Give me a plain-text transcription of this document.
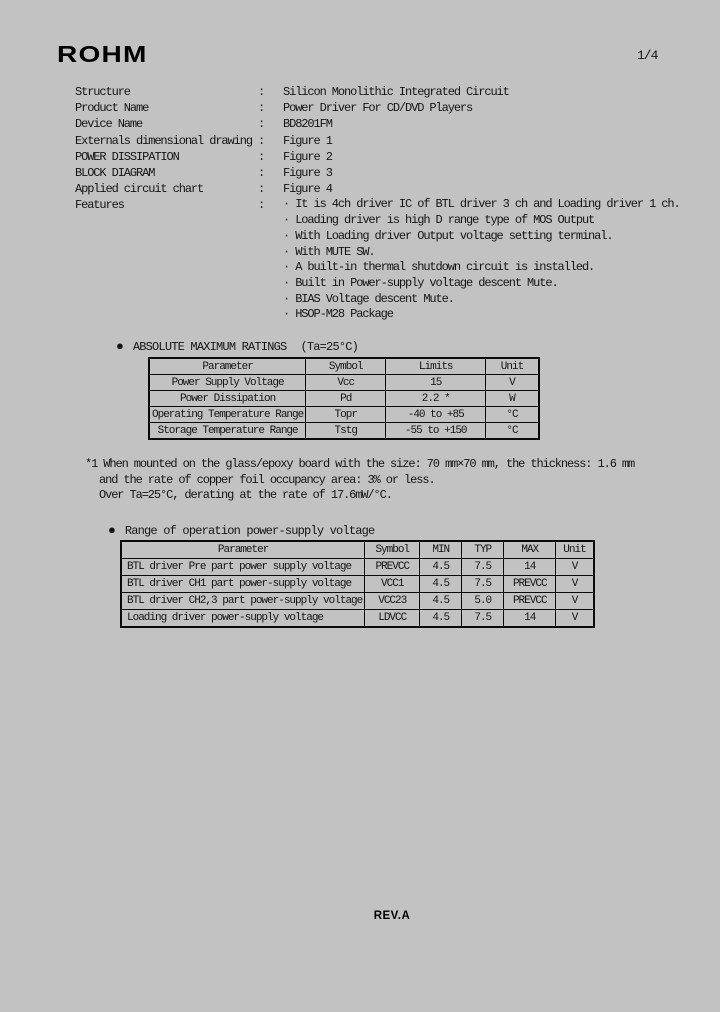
ROHM	1/4
Structure	:	Silicon Monolithic Integrated Circuit
Product Name	:	Power Driver For CD/DVD Players
Device Name	:	BD8201FM
Externals dimensional drawing :	Figure 1
POWER DISSIPATION	:	Figure 2
BLOCK DIAGRAM	:	Figure 3
Applied circuit chart	:	Figure 4
Features	:	· It is 4ch driver IC of BTL driver 3 ch and Loading driver 1 ch.
· Loading driver is high D range type of MOS Output
· With Loading driver Output voltage setting terminal.
· With MUTE SW.
· A built-in thermal shutdown circuit is installed.
· Built in Power-supply voltage descent Mute.
· BIAS Voltage descent Mute.
· HSOP-M28 Package
● ABSOLUTE MAXIMUM RATINGS (Ta=25°C)
Parameter	Symbol	Limits	Unit
Power Supply Voltage	Vcc	15	V
Power Dissipation	Pd	2.2 *	W
Operating Temperature Range	Topr	-40 to +85	°C
Storage Temperature Range	Tstg	-55 to +150	°C
*1 When mounted on the glass/epoxy board with the size: 70 mm×70 mm, the thickness: 1.6 mm
and the rate of copper foil occupancy area: 3% or less.
Over Ta=25°C, derating at the rate of 17.6mW/°C.
● Range of operation power-supply voltage
Parameter	Symbol	MIN	TYP	MAX	Unit
BTL driver Pre part power supply voltage	PREVCC	4.5	7.5	14	V
BTL driver CH1 part power-supply voltage	VCC1	4.5	7.5	PREVCC	V
BTL driver CH2,3 part power-supply voltage	VCC23	4.5	5.0	PREVCC	V
Loading driver power-supply voltage	LDVCC	4.5	7.5	14	V
REV.A
